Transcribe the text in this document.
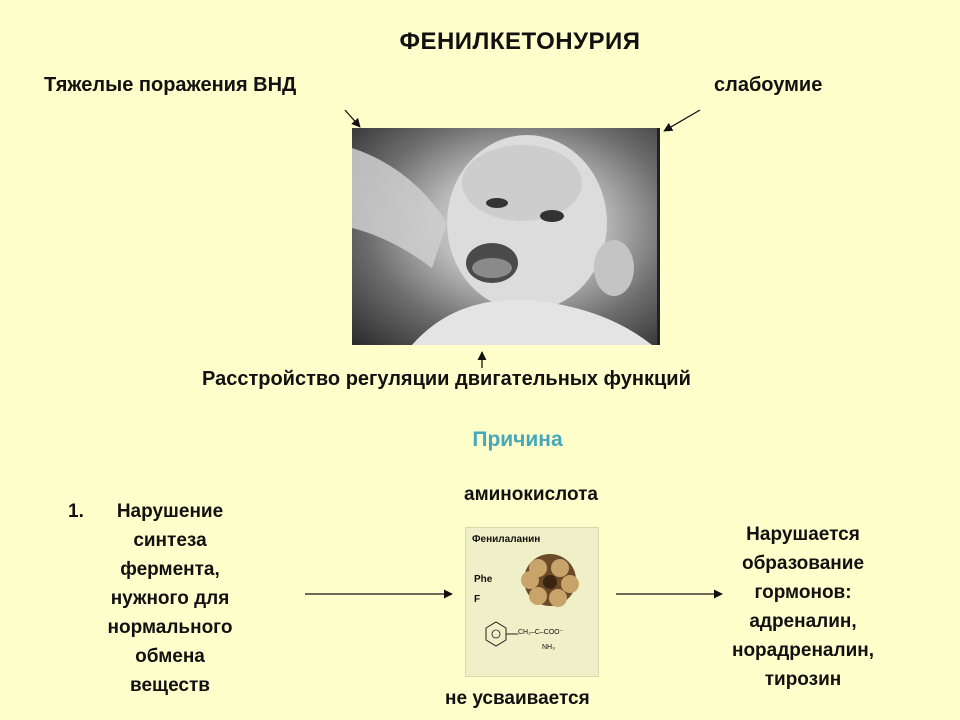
ФЕНИЛКЕТОНУРИЯ
Тяжелые поражения ВНД	слабоумие
Расстройство регуляции двигательных функций
Причина
1.	Нарушение
синтеза
фермента,
нужного для
нормального
обмена
веществ
аминокислота
Фенилаланин
Phe
F
CH₂–C–COO⁻
NH₃
не усваивается
Нарушается
образование
гормонов:
адреналин,
норадреналин,
тирозин
